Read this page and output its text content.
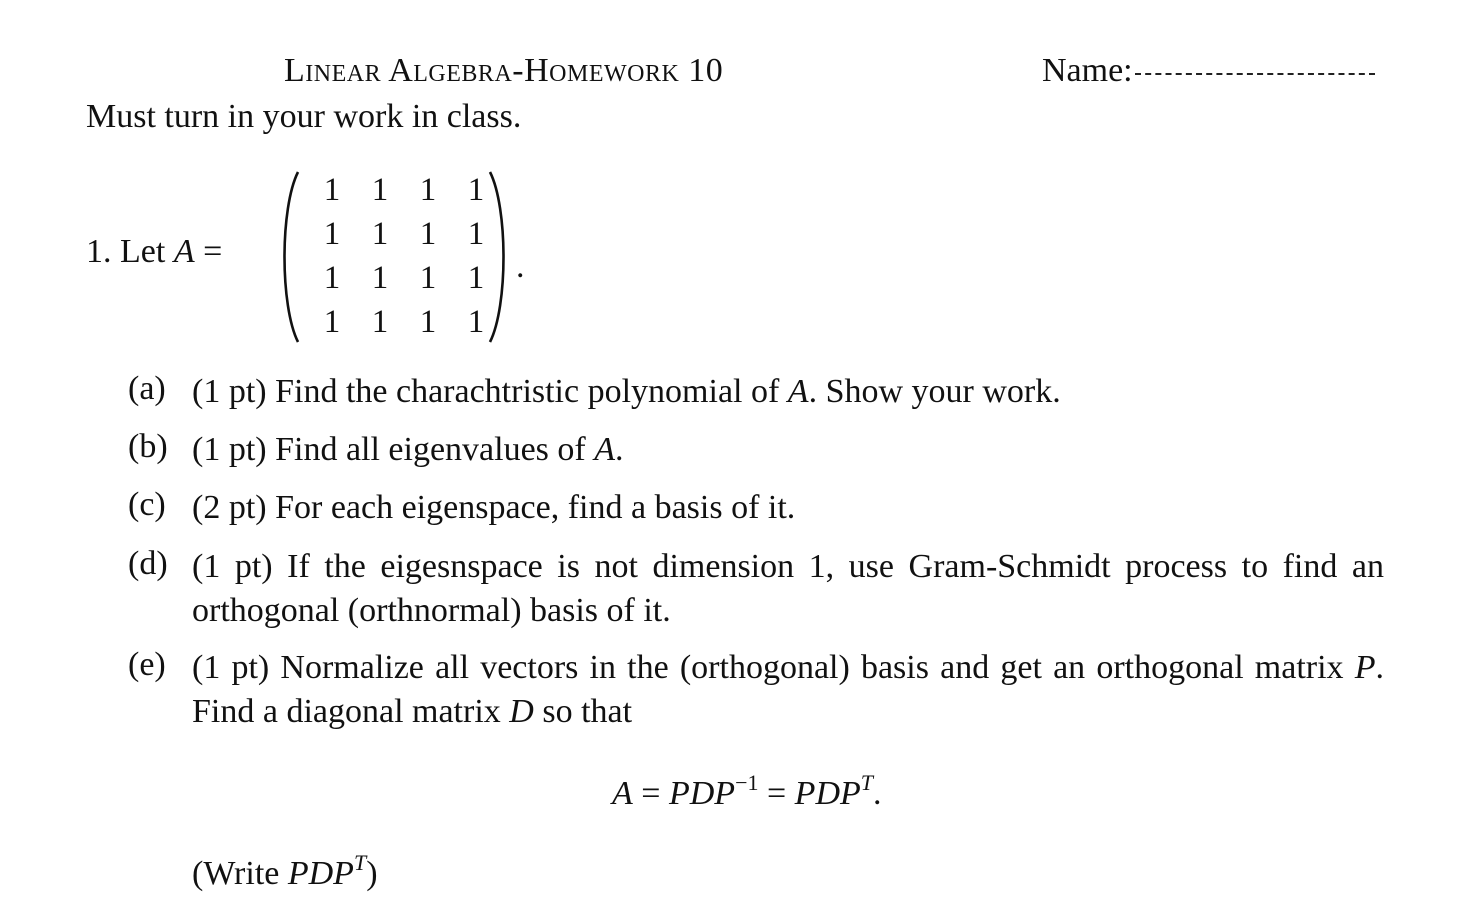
Linear Algebra-Homework 10	Name:
Must turn in your work in class.
1. Let A =
1 1 1 1
1 1 1 1
1 1 1 1
1 1 1 1
.
(a) (1 pt) Find the charachtristic polynomial of A. Show your work.
(b) (1 pt) Find all eigenvalues of A.
(c) (2 pt) For each eigenspace, find a basis of it.
(d) (1 pt) If the eigesnspace is not dimension 1, use Gram-Schmidt process to find an orthogonal (orthnormal) basis of it.
(e) (1 pt) Normalize all vectors in the (orthogonal) basis and get an orthogonal matrix P. Find a diagonal matrix D so that
$A = PDP^{-1} = PDP^T$.
(Write $PDP^T$)
